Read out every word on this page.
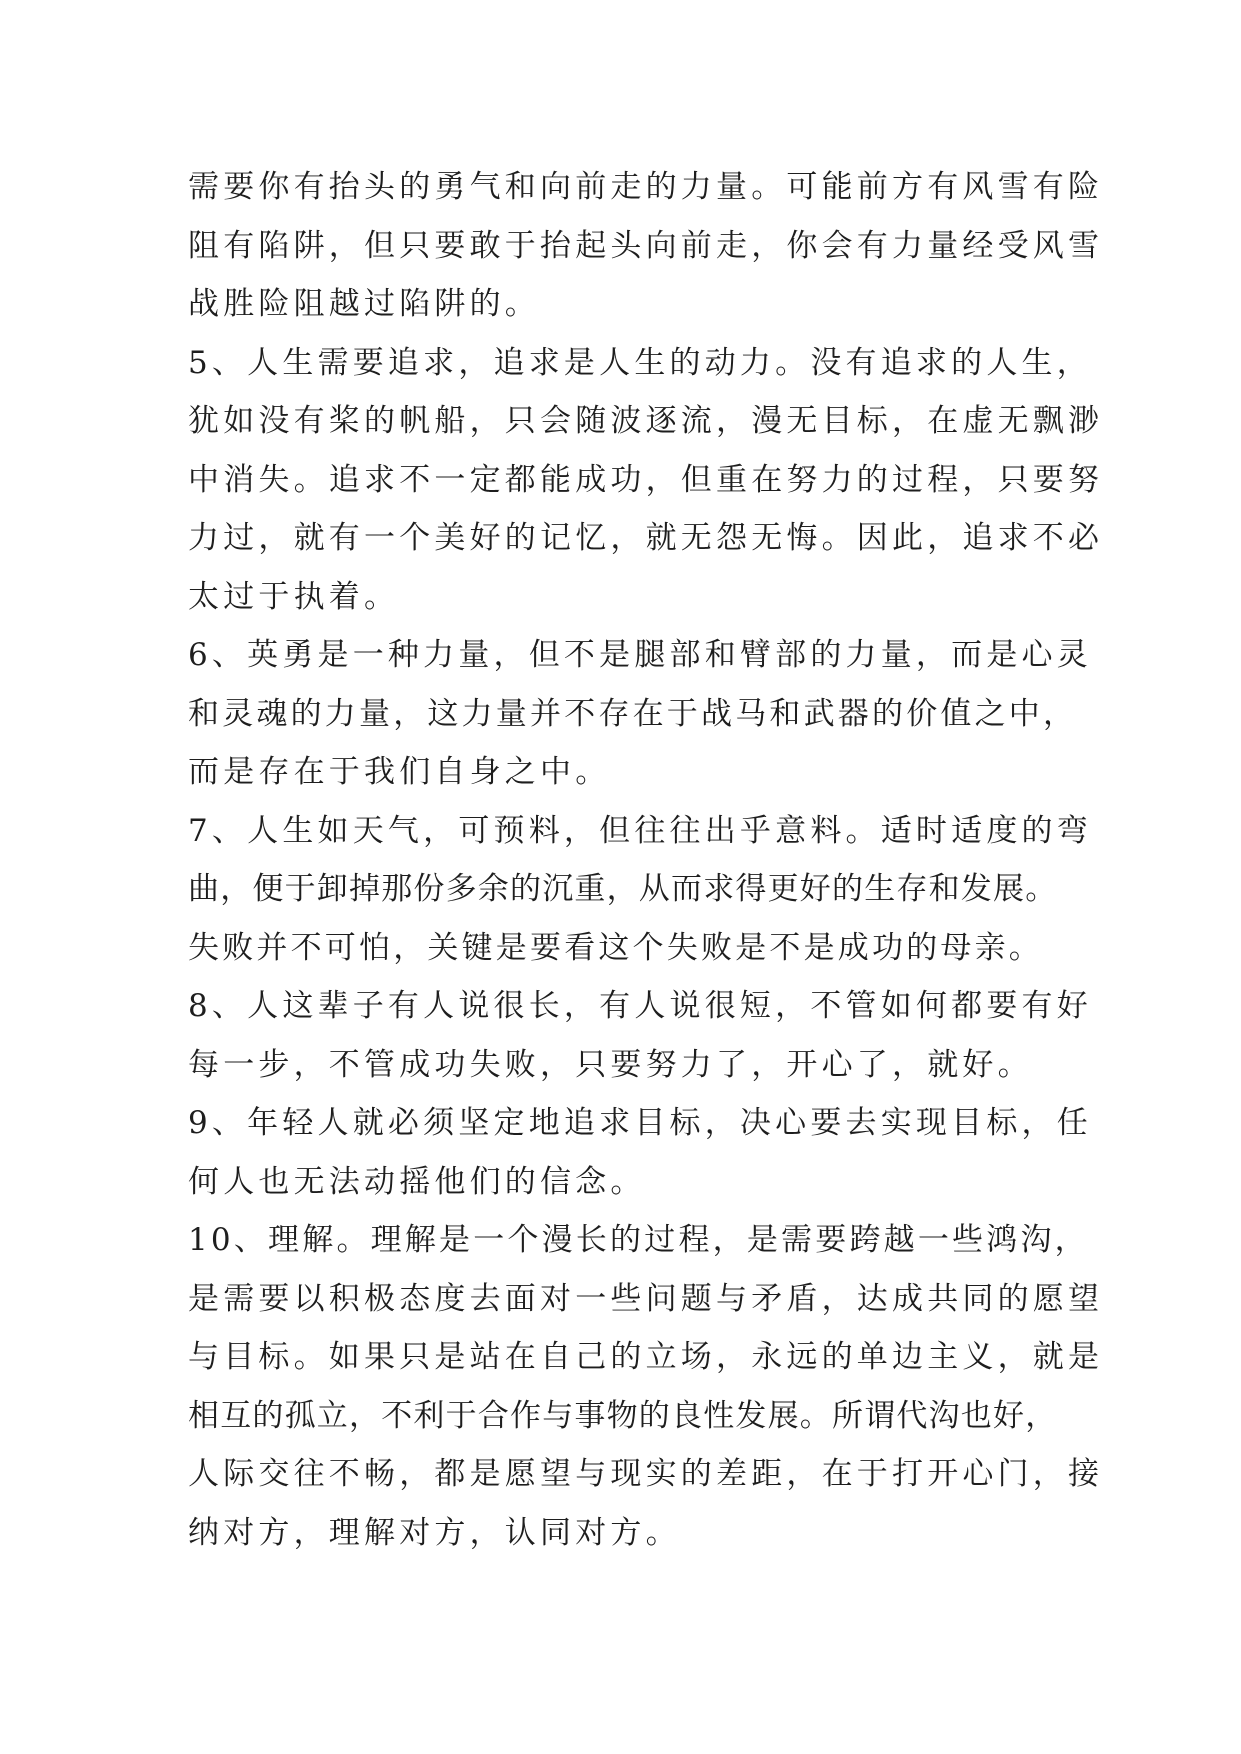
需要你有抬头的勇气和向前走的力量。可能前方有风雪有险
阻有陷阱，但只要敢于抬起头向前走，你会有力量经受风雪
战胜险阻越过陷阱的。
5、人生需要追求，追求是人生的动力。没有追求的人生，
犹如没有桨的帆船，只会随波逐流，漫无目标，在虚无飘渺
中消失。追求不一定都能成功，但重在努力的过程，只要努
力过，就有一个美好的记忆，就无怨无悔。因此，追求不必
太过于执着。
6、英勇是一种力量，但不是腿部和臂部的力量，而是心灵
和灵魂的力量，这力量并不存在于战马和武器的价值之中，
而是存在于我们自身之中。
7、人生如天气，可预料，但往往出乎意料。适时适度的弯
曲，便于卸掉那份多余的沉重，从而求得更好的生存和发展。
失败并不可怕，关键是要看这个失败是不是成功的母亲。
8、人这辈子有人说很长，有人说很短，不管如何都要有好
每一步，不管成功失败，只要努力了，开心了，就好。
9、年轻人就必须坚定地追求目标，决心要去实现目标，任
何人也无法动摇他们的信念。
10、理解。理解是一个漫长的过程，是需要跨越一些鸿沟，
是需要以积极态度去面对一些问题与矛盾，达成共同的愿望
与目标。如果只是站在自己的立场，永远的单边主义，就是
相互的孤立，不利于合作与事物的良性发展。所谓代沟也好，
人际交往不畅，都是愿望与现实的差距，在于打开心门，接
纳对方，理解对方，认同对方。
